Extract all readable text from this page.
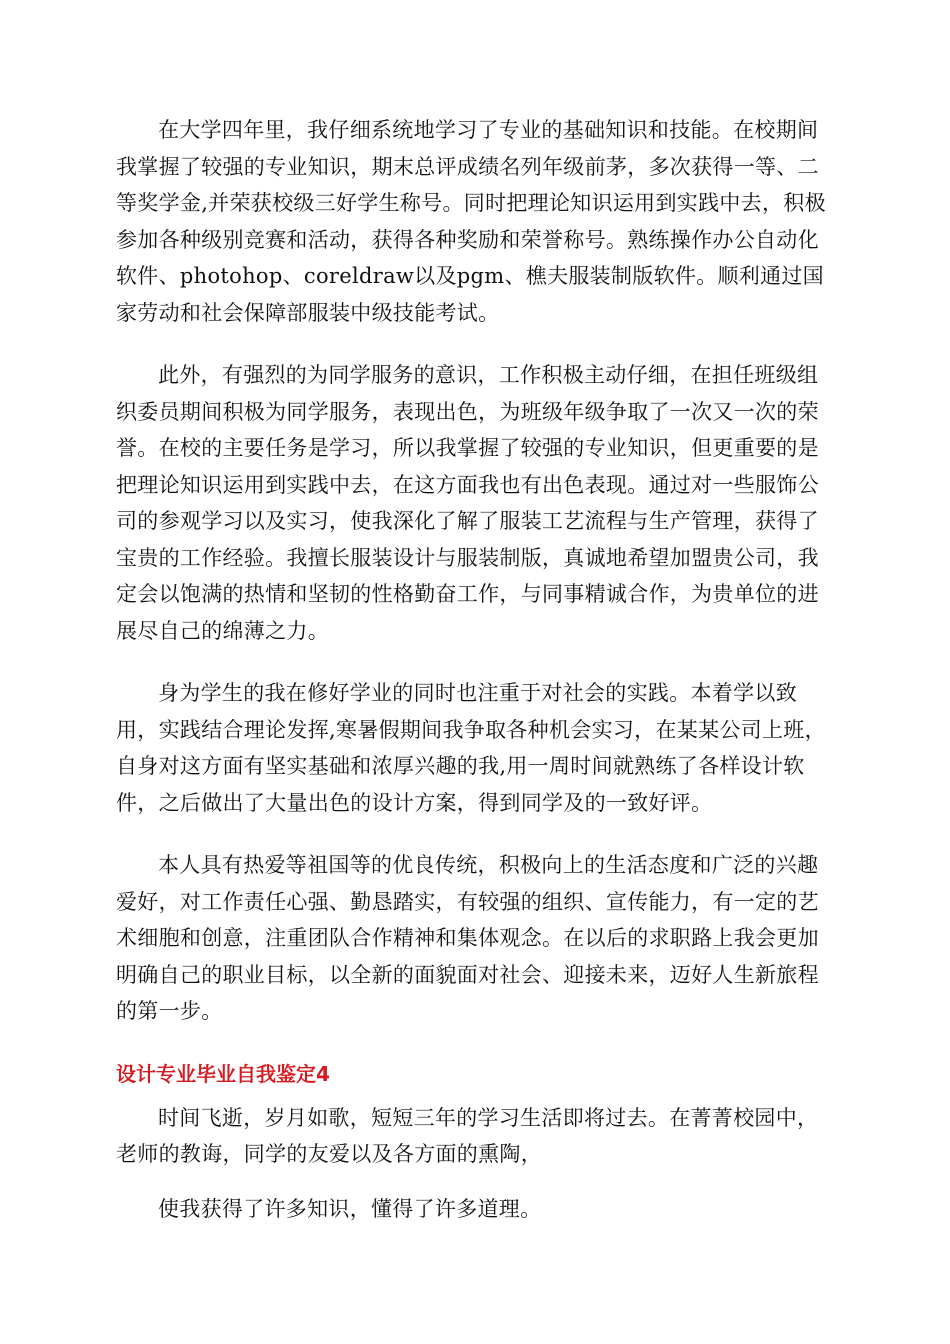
在大学四年里，我仔细系统地学习了专业的基础知识和技能。在校期间我掌握了较强的专业知识，期末总评成绩名列年级前茅，多次获得一等、二等奖学金,并荣获校级三好学生称号。同时把理论知识运用到实践中去，积极参加各种级别竞赛和活动，获得各种奖励和荣誉称号。熟练操作办公自动化软件、photohop、coreldraw以及pgm、樵夫服装制版软件。顺利通过国家劳动和社会保障部服装中级技能考试。

此外，有强烈的为同学服务的意识，工作积极主动仔细，在担任班级组织委员期间积极为同学服务，表现出色，为班级年级争取了一次又一次的荣誉。在校的主要任务是学习，所以我掌握了较强的专业知识，但更重要的是把理论知识运用到实践中去，在这方面我也有出色表现。通过对一些服饰公司的参观学习以及实习，使我深化了解了服装工艺流程与生产管理，获得了宝贵的工作经验。我擅长服装设计与服装制版，真诚地希望加盟贵公司，我定会以饱满的热情和坚韧的性格勤奋工作，与同事精诚合作，为贵单位的进展尽自己的绵薄之力。

身为学生的我在修好学业的同时也注重于对社会的实践。本着学以致用，实践结合理论发挥,寒暑假期间我争取各种机会实习，在某某公司上班，自身对这方面有坚实基础和浓厚兴趣的我,用一周时间就熟练了各样设计软件，之后做出了大量出色的设计方案，得到同学及的一致好评。

本人具有热爱等祖国等的优良传统，积极向上的生活态度和广泛的兴趣爱好，对工作责任心强、勤恳踏实，有较强的组织、宣传能力，有一定的艺术细胞和创意，注重团队合作精神和集体观念。在以后的求职路上我会更加明确自己的职业目标，以全新的面貌面对社会、迎接未来，迈好人生新旅程的第一步。

设计专业毕业自我鉴定4

时间飞逝，岁月如歌，短短三年的学习生活即将过去。在菁菁校园中，老师的教诲，同学的友爱以及各方面的熏陶，

使我获得了许多知识，懂得了许多道理。
